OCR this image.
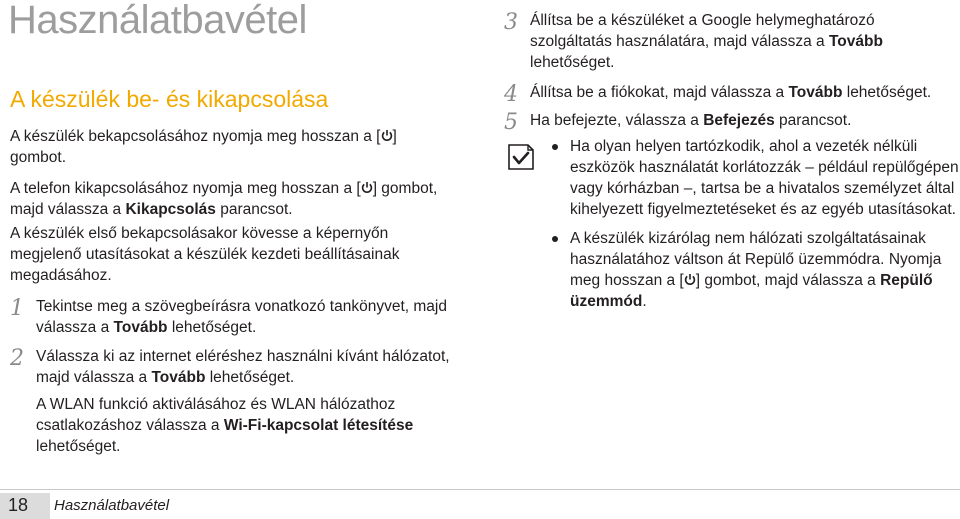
Használatbavétel
A készülék be- és kikapcsolása

A készülék bekapcsolásához nyomja meg hosszan a [ ] gombot.

A telefon kikapcsolásához nyomja meg hosszan a [ ] gombot, majd válassza a Kikapcsolás parancsot.

A készülék első bekapcsolásakor kövesse a képernyőn megjelenő utasításokat a készülék kezdeti beállításainak megadásához.

1 Tekintse meg a szövegbeírásra vonatkozó tankönyvet, majd válassza a Tovább lehetőséget.

2 Válassza ki az internet eléréshez használni kívánt hálózatot, majd válassza a Tovább lehetőséget.

A WLAN funkció aktiválásához és WLAN hálózathoz csatlakozáshoz válassza a Wi-Fi-kapcsolat létesítése lehetőséget.

3 Állítsa be a készüléket a Google helymeghatározó szolgáltatás használatára, majd válassza a Tovább lehetőséget.

4 Állítsa be a fiókokat, majd válassza a Tovább lehetőséget.

5 Ha befejezte, válassza a Befejezés parancsot.

Ha olyan helyen tartózkodik, ahol a vezeték nélküli eszközök használatát korlátozzák – például repülőgépen vagy kórházban –, tartsa be a hivatalos személyzet által kihelyezett figyelmeztetéseket és az egyéb utasításokat.
A készülék kizárólag nem hálózati szolgáltatásainak használatához váltson át Repülő üzemmódra. Nyomja meg hosszan a [ ] gombot, majd válassza a Repülő üzemmód.
18 Használatbavétel
